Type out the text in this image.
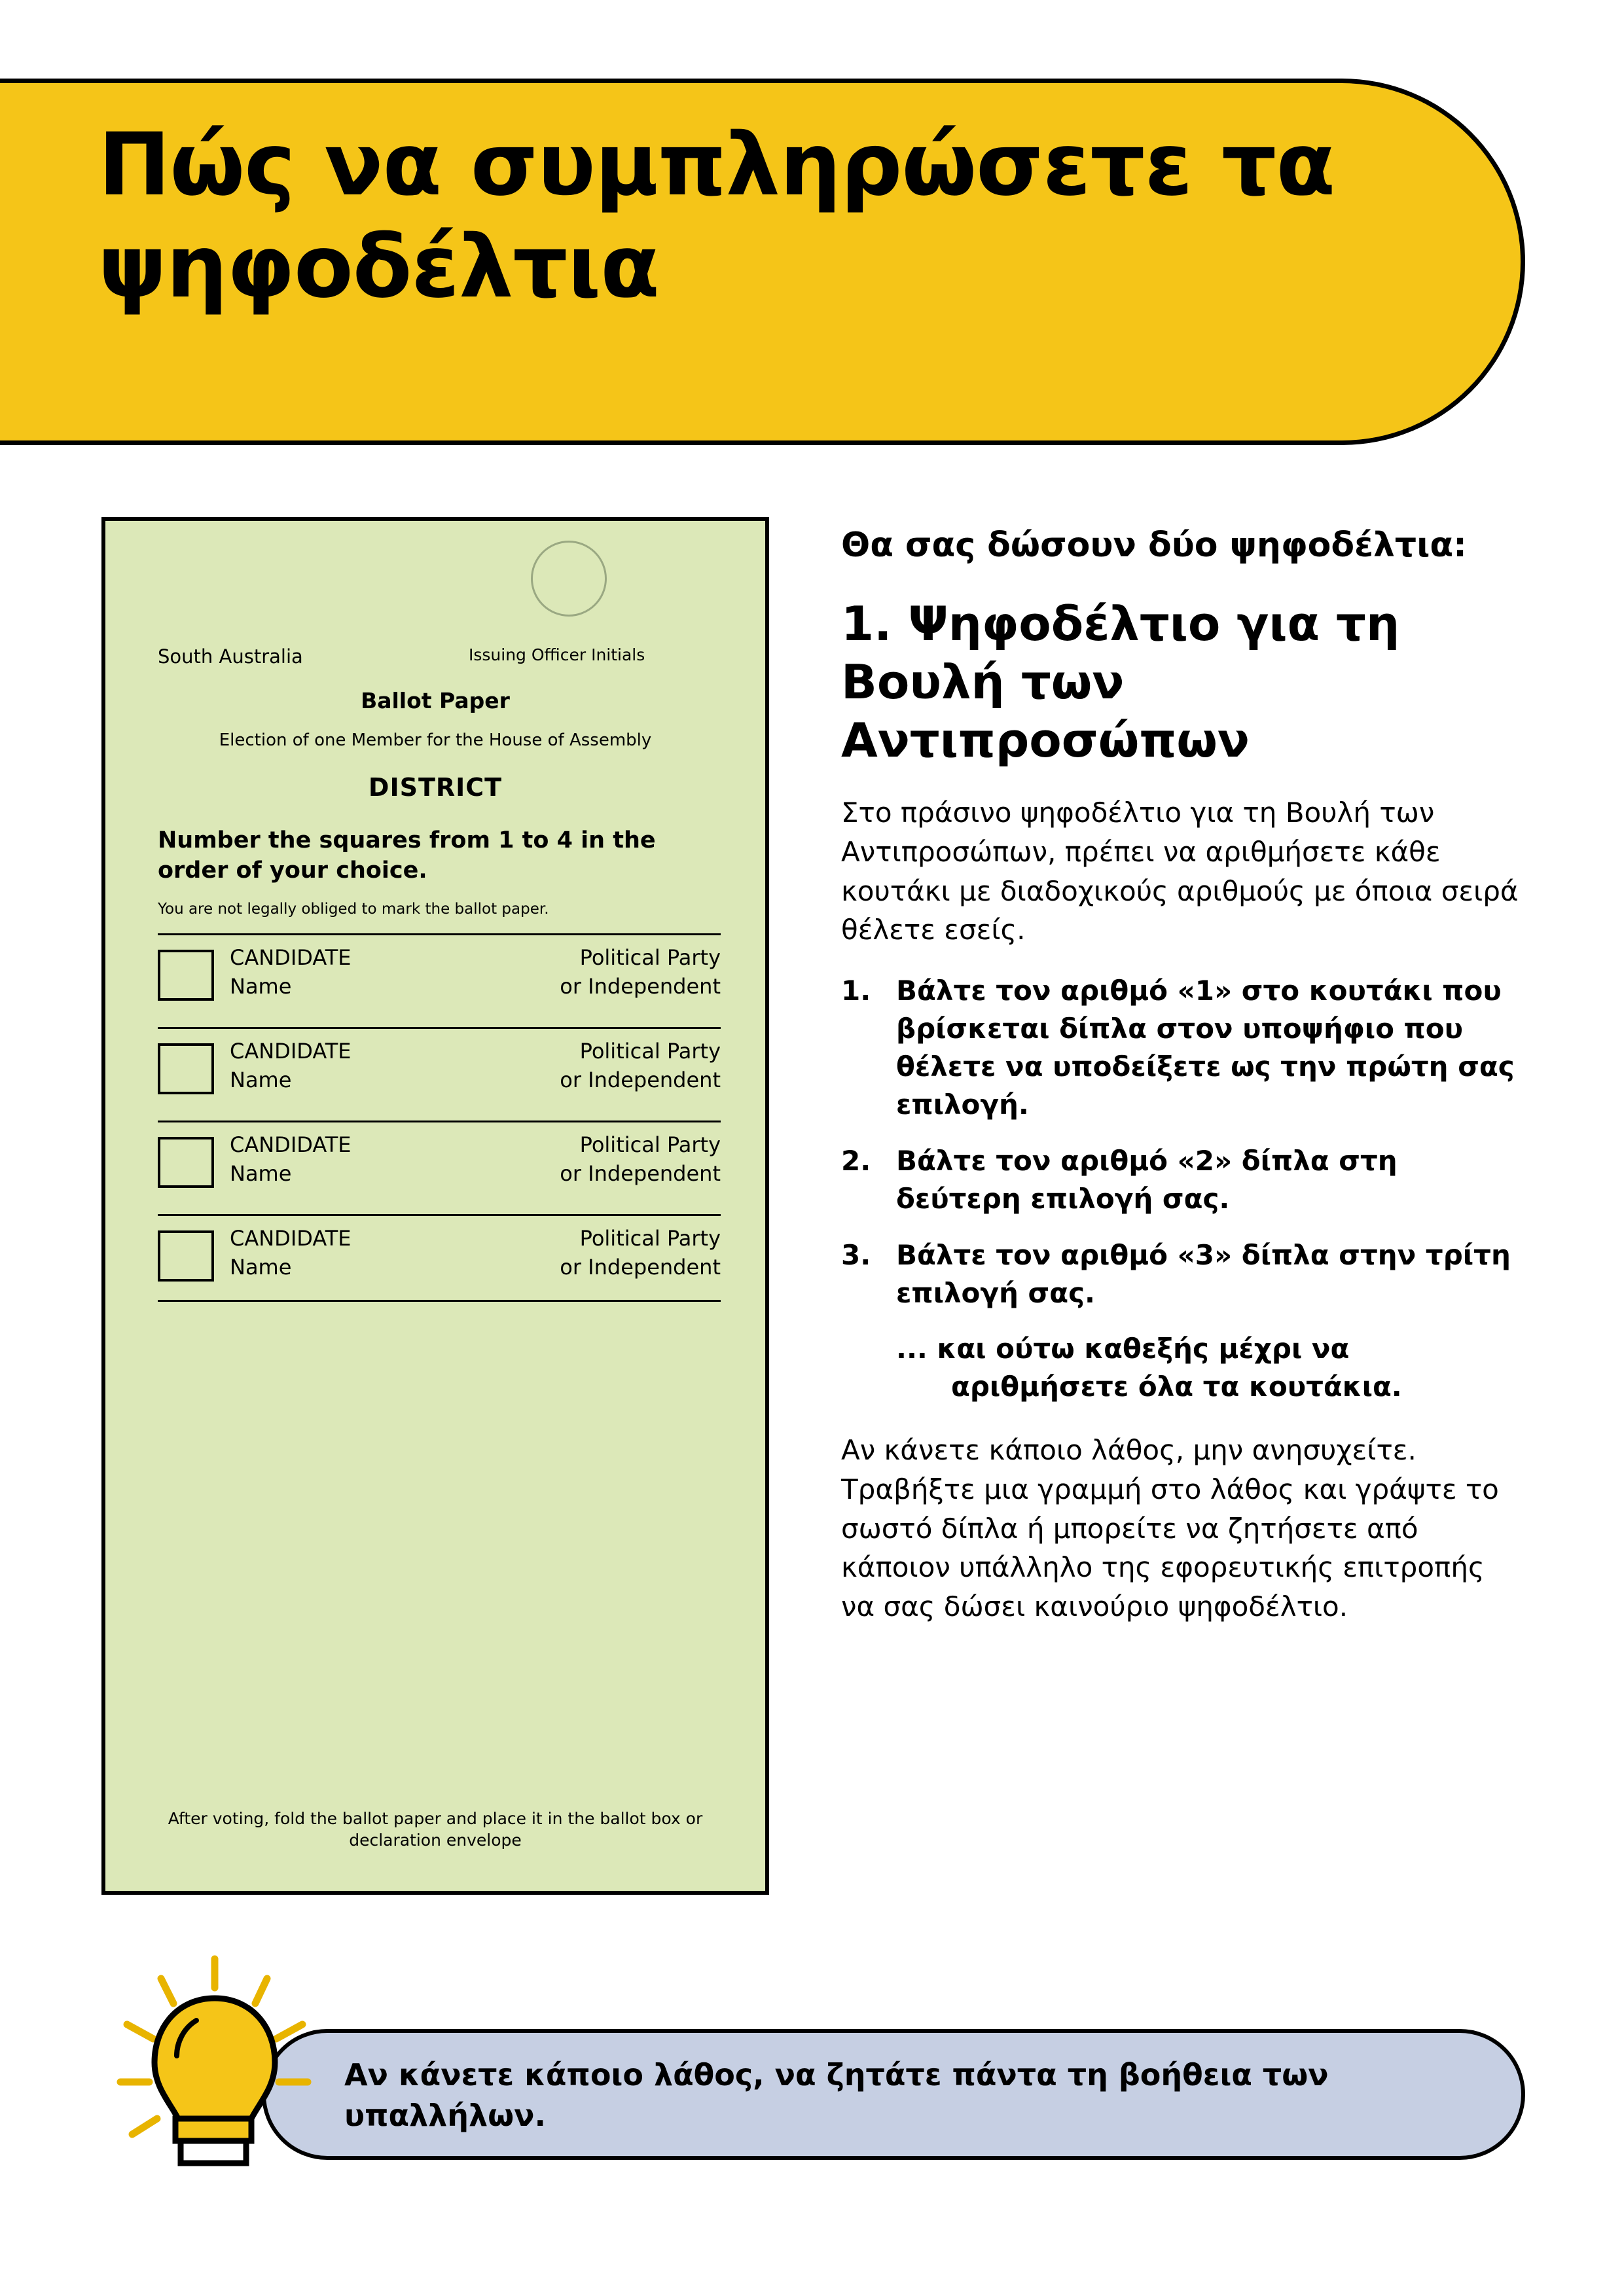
Πώς να συμπληρώσετε τα ψηφοδέλτια
South Australia	Issuing Officer Initials
Ballot Paper
Election of one Member for the House of Assembly
DISTRICT
Number the squares from 1 to 4 in the order of your choice.
You are not legally obliged to mark the ballot paper.
CANDIDATE
Name
Political Party
or Independent
CANDIDATE
Name
Political Party
or Independent
CANDIDATE
Name
Political Party
or Independent
CANDIDATE
Name
Political Party
or Independent
After voting, fold the ballot paper and place it in the ballot box or declaration envelope
Θα σας δώσουν δύο ψηφοδέλτια:
1. Ψηφοδέλτιο για τη Βουλή των Αντιπροσώπων
Στο πράσινο ψηφοδέλτιο για τη Βουλή των Αντιπροσώπων, πρέπει να αριθμήσετε κάθε κουτάκι με διαδοχικούς αριθμούς με όποια σειρά θέλετε εσείς.
1. Βάλτε τον αριθμό «1» στο κουτάκι που βρίσκεται δίπλα στον υποψήφιο που θέλετε να υποδείξετε ως την πρώτη σας επιλογή.
2. Βάλτε τον αριθμό «2» δίπλα στη δεύτερη επιλογή σας.
3. Βάλτε τον αριθμό «3» δίπλα στην τρίτη επιλογή σας.
... και ούτω καθεξής μέχρι να αριθμήσετε όλα τα κουτάκια.
Αν κάνετε κάποιο λάθος, μην ανησυχείτε. Τραβήξτε μια γραμμή στο λάθος και γράψτε το σωστό δίπλα ή μπορείτε να ζητήσετε από κάποιον υπάλληλο της εφορευτικής επιτροπής να σας δώσει καινούριο ψηφοδέλτιο.
Αν κάνετε κάποιο λάθος, να ζητάτε πάντα τη βοήθεια των υπαλλήλων.
